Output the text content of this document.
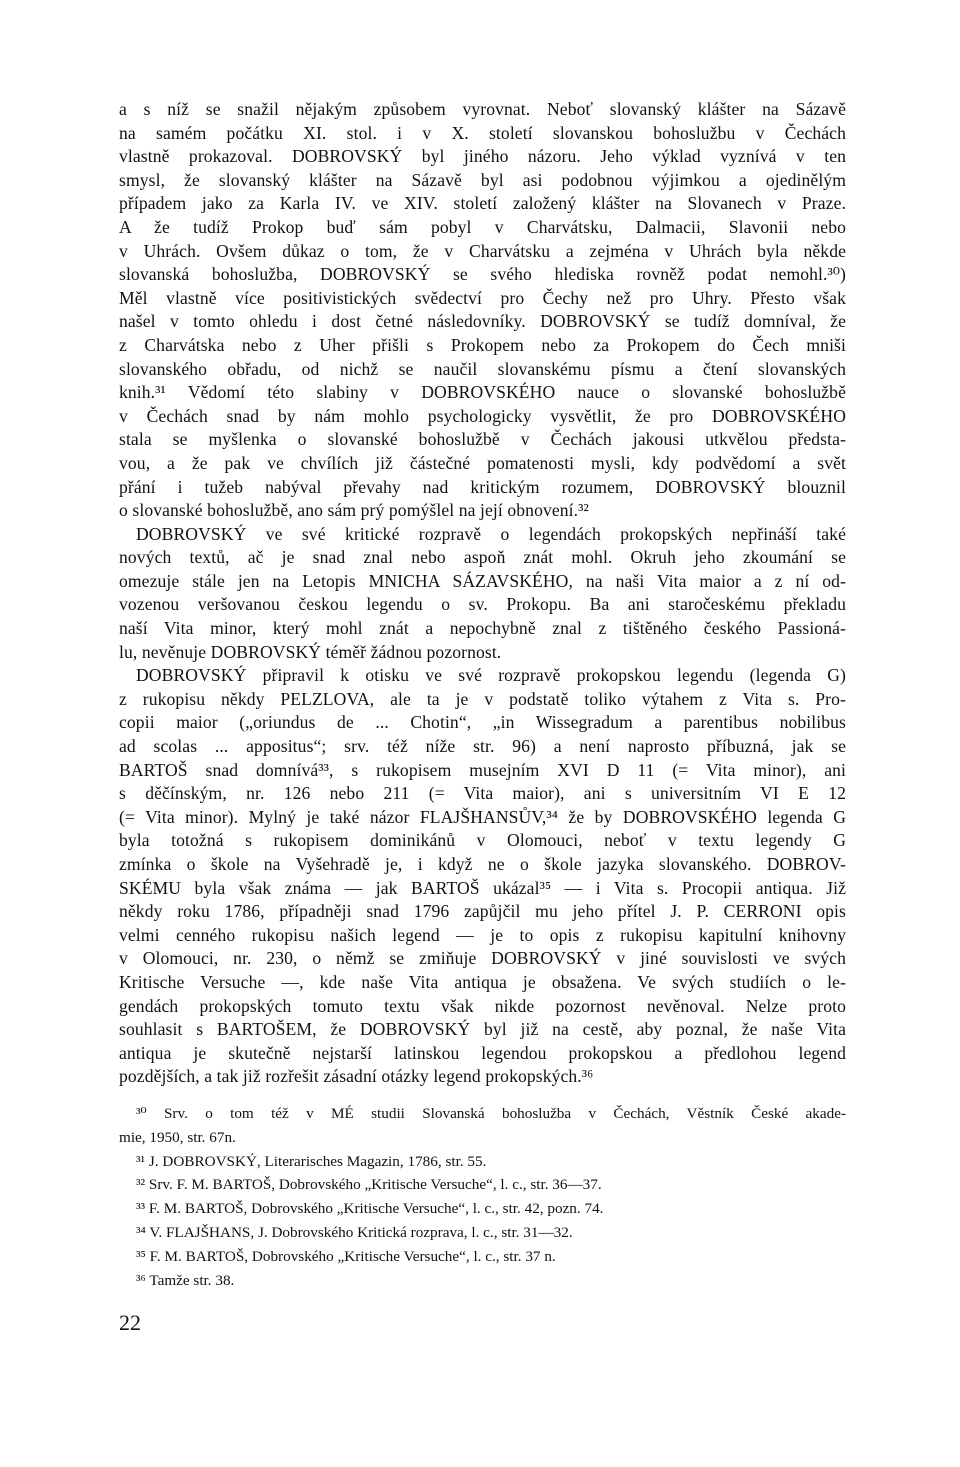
a s níž se snažil nějakým způsobem vyrovnat. Neboť slovanský klášter na Sázavě
na samém počátku XI. stol. i v X. století slovanskou bohoslužbu v Čechách
vlastně prokazoval. DOBROVSKÝ byl jiného názoru. Jeho výklad vyznívá v ten
smysl, že slovanský klášter na Sázavě byl asi podobnou výjimkou a ojedinělým
případem jako za Karla IV. ve XIV. století založený klášter na Slovanech v Praze.
A že tudíž Prokop buď sám pobyl v Charvátsku, Dalmacii, Slavonii nebo
v Uhrách. Ovšem důkaz o tom, že v Charvátsku a zejména v Uhrách byla někde
slovanská bohoslužba, DOBROVSKÝ se svého hlediska rovněž podat nemohl.³⁰)
Měl vlastně více positivistických svědectví pro Čechy než pro Uhry. Přesto však
našel v tomto ohledu i dost četné následovníky. DOBROVSKÝ se tudíž domníval, že
z Charvátska nebo z Uher přišli s Prokopem nebo za Prokopem do Čech mniši
slovanského obřadu, od nichž se naučil slovanskému písmu a čtení slovanských
knih.³¹ Vědomí této slabiny v DOBROVSKÉHO nauce o slovanské bohoslužbě
v Čechách snad by nám mohlo psychologicky vysvětlit, že pro DOBROVSKÉHO
stala se myšlenka o slovanské bohoslužbě v Čechách jakousi utkvělou předsta-
vou, a že pak ve chvílích již částečné pomatenosti mysli, kdy podvědomí a svět
přání i tužeb nabýval převahy nad kritickým rozumem, DOBROVSKÝ blouznil
o slovanské bohoslužbě, ano sám prý pomýšlel na její obnovení.³²
DOBROVSKÝ ve své kritické rozpravě o legendách prokopských nepřináší také
nových textů, ač je snad znal nebo aspoň znát mohl. Okruh jeho zkoumání se
omezuje stále jen na Letopis MNICHA SÁZAVSKÉHO, na naši Vita maior a z ní od-
vozenou veršovanou českou legendu o sv. Prokopu. Ba ani staročeskému překladu
naší Vita minor, který mohl znát a nepochybně znal z tištěného českého Passioná-
lu, nevěnuje DOBROVSKÝ téměř žádnou pozornost.
DOBROVSKÝ připravil k otisku ve své rozpravě prokopskou legendu (legenda G)
z rukopisu někdy PELZLOVA, ale ta je v podstatě toliko výtahem z Vita s. Pro-
copii maior („oriundus de ... Chotin“, „in Wissegradum a parentibus nobilibus
ad scolas ... appositus“; srv. též níže str. 96) a není naprosto příbuzná, jak se
BARTOŠ snad domnívá³³, s rukopisem musejním XVI D 11 (= Vita minor), ani
s děčínským, nr. 126 nebo 211 (= Vita maior), ani s universitním VI E 12
(= Vita minor). Mylný je také názor FLAJŠHANSŮV,³⁴ že by DOBROVSKÉHO legenda G
byla totožná s rukopisem dominikánů v Olomouci, neboť v textu legendy G
zmínka o škole na Vyšehradě je, i když ne o škole jazyka slovanského. DOBROV-
SKÉMU byla však známa — jak BARTOŠ ukázal³⁵ — i Vita s. Procopii antiqua. Již
někdy roku 1786, případněji snad 1796 zapůjčil mu jeho přítel J. P. CERRONI opis
velmi cenného rukopisu našich legend — je to opis z rukopisu kapitulní knihovny
v Olomouci, nr. 230, o němž se zmiňuje DOBROVSKÝ v jiné souvislosti ve svých
Kritische Versuche —, kde naše Vita antiqua je obsažena. Ve svých studiích o le-
gendách prokopských tomuto textu však nikde pozornost nevěnoval. Nelze proto
souhlasit s BARTOŠEM, že DOBROVSKÝ byl již na cestě, aby poznal, že naše Vita
antiqua je skutečně nejstarší latinskou legendou prokopskou a předlohou legend
pozdějších, a tak již rozřešit zásadní otázky legend prokopských.³⁶
³⁰ Srv. o tom též v MÉ studii Slovanská bohoslužba v Čechách, Věstník České akade-
mie, 1950, str. 67n.
³¹ J. DOBROVSKÝ, Literarisches Magazin, 1786, str. 55.
³² Srv. F. M. BARTOŠ, Dobrovského „Kritische Versuche“, l. c., str. 36—37.
³³ F. M. BARTOŠ, Dobrovského „Kritische Versuche“, l. c., str. 42, pozn. 74.
³⁴ V. FLAJŠHANS, J. Dobrovského Kritická rozprava, l. c., str. 31—32.
³⁵ F. M. BARTOŠ, Dobrovského „Kritische Versuche“, l. c., str. 37 n.
³⁶ Tamže str. 38.
22
